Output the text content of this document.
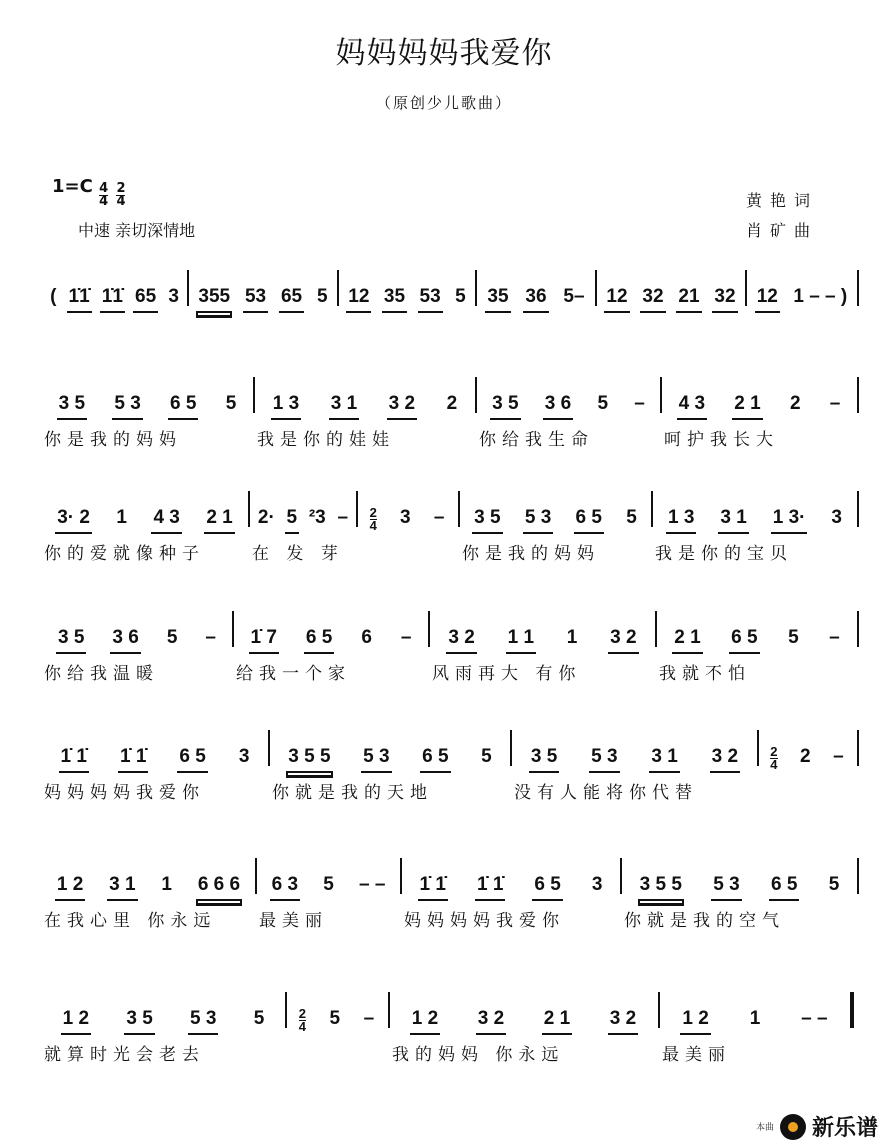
妈妈妈妈我爱你
（原创少儿歌曲）
$1=C \frac{4}{4}$
$\frac{2}{4}$
中速 亲切深情地
黄艳词
肖矿曲
( 1̇1̇ 1̇1̇ 65 3 355 53 65 5 12 35 53 5 35 36 5– 12 32 21 32 12 1 – – )
3 5 5 3 6 5 5
你是我的妈妈
1 3 3 1 3 2 2
我是你的娃娃
3 5 3 6 5 –
你给我生命
4 3 2 1 2 –
呵护我长大
3· 2 1 4 3 2 1
你的爱就像种子
2· 5 ²3 –
在 发 芽
2
4 3 – 3 5 5 3 6 5 5
你是我的妈妈
1 3 3 1 1 3· 3
我是你的宝贝
3 5 3 6 5 –
你给我温暖
1̇ 7 6 5 6 –
给我一个家
3 2 1 1 1 3 2
风雨再大 有你
2 1 6 5 5 –
我就不怕
1̇ 1̇ 1̇ 1̇ 6 5 3
妈妈妈妈我爱你
3 5 5 5 3 6 5 5
你就是我的天地
3 5 5 3 3 1 3 2
没有人能将你代替
2
4 2 –
1 2 3 1 1 6 6 6
在我心里 你永远
6 3 5 – –
最美丽
1̇ 1̇ 1̇ 1̇ 6 5 3
妈妈妈妈我爱你
3 5 5 5 3 6 5 5
你就是我的空气
1 2 3 5 5 3 5
就算时光会老去
2
4 5 – 1 2 3 2 2 1 3 2
我的妈妈 你永远
1 2 1 – –
最美丽
本曲 新乐谱
